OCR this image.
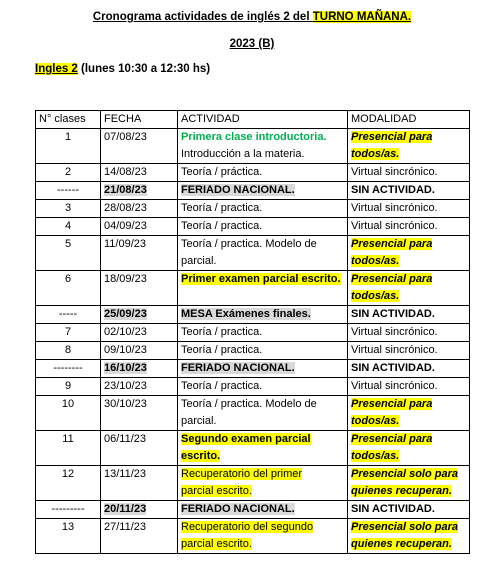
Cronograma actividades de inglés 2 del TURNO MAÑANA.
2023 (B)
Ingles 2 (lunes 10:30 a 12:30 hs)
N° clases	FECHA	ACTIVIDAD	MODALIDAD
1	07/08/23	Primera clase introductoria.
Introducción a la materia.	Presencial para
todos/as.
2	14/08/23	Teoría / práctica.	Virtual sincrónico.
------	21/08/23	FERIADO NACIONAL.	SIN ACTIVIDAD.
3	28/08/23	Teoría / practica.	Virtual sincrónico.
4	04/09/23	Teoría / practica.	Virtual sincrónico.
5	11/09/23	Teoría / practica. Modelo de
parcial.	Presencial para
todos/as.
6	18/09/23	Primer examen parcial escrito.	Presencial para
todos/as.
-----	25/09/23	MESA Exámenes finales.	SIN ACTIVIDAD.
7	02/10/23	Teoría / practica.	Virtual sincrónico.
8	09/10/23	Teoría / practica.	Virtual sincrónico.
--------	16/10/23	FERIADO NACIONAL.	SIN ACTIVIDAD.
9	23/10/23	Teoría / practica.	Virtual sincrónico.
10	30/10/23	Teoría / practica. Modelo de
parcial.	Presencial para
todos/as.
11	06/11/23	Segundo examen parcial
escrito.	Presencial para
todos/as.
12	13/11/23	Recuperatorio del primer
parcial escrito.	Presencial solo para
quienes recuperan.
---------	20/11/23	FERIADO NACIONAL.	SIN ACTIVIDAD.
13	27/11/23	Recuperatorio del segundo
parcial escrito.	Presencial solo para
quienes recuperan.
